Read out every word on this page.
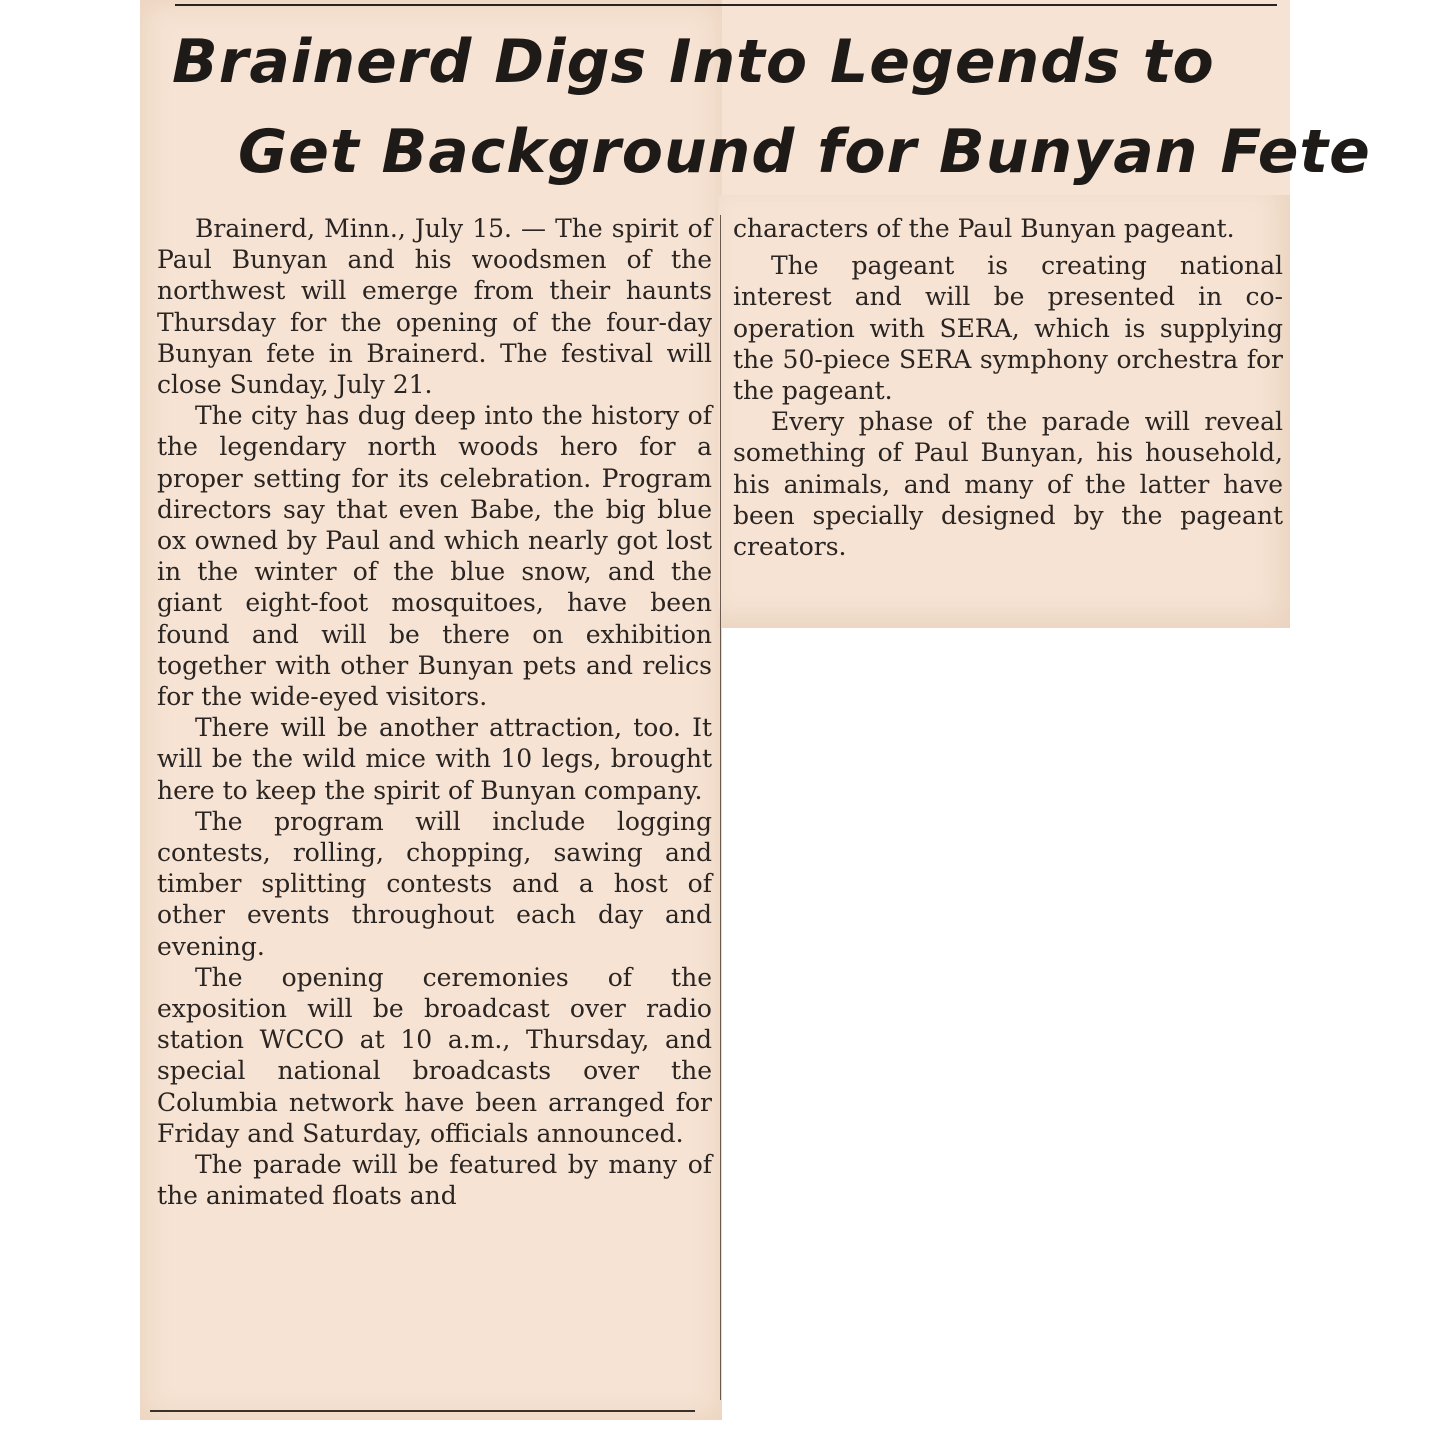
Brainerd Digs Into Legends to
Get Background for Bunyan Fete

Brainerd, Minn., July 15. — The spirit of Paul Bunyan and his woodsmen of the northwest will emerge from their haunts Thursday for the opening of the four-day Bunyan fete in Brainerd. The festival will close Sunday, July 21.

The city has dug deep into the history of the legendary north woods hero for a proper setting for its celebration. Program directors say that even Babe, the big blue ox owned by Paul and which nearly got lost in the winter of the blue snow, and the giant eight-foot mosquitoes, have been found and will be there on exhibition together with other Bunyan pets and relics for the wide-eyed visitors.

There will be another attraction, too. It will be the wild mice with 10 legs, brought here to keep the spirit of Bunyan company.

The program will include logging contests, rolling, chopping, sawing and timber splitting contests and a host of other events throughout each day and evening.

The opening ceremonies of the exposition will be broadcast over radio station WCCO at 10 a.m., Thursday, and special national broadcasts over the Columbia network have been arranged for Friday and Saturday, officials announced.

The parade will be featured by many of the animated floats and

characters of the Paul Bunyan pageant.

The pageant is creating national interest and will be presented in co-operation with SERA, which is supplying the 50-piece SERA symphony orchestra for the pageant.

Every phase of the parade will reveal something of Paul Bunyan, his household, his animals, and many of the latter have been specially designed by the pageant creators.
